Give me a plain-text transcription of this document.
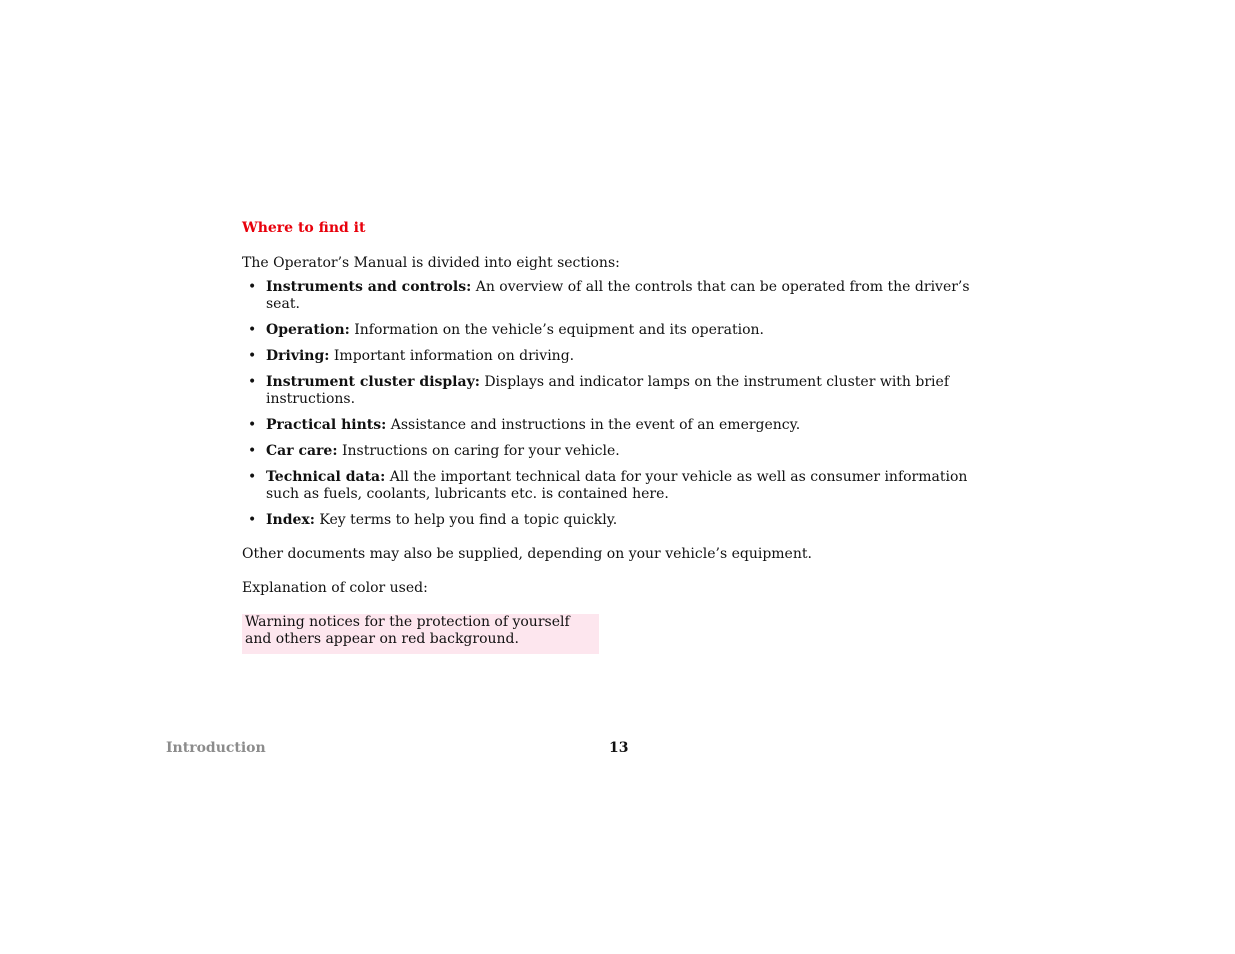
Where to find it
The Operator’s Manual is divided into eight sections:
• Instruments and controls: An overview of all the controls that can be operated from the driver’s seat.
• Operation: Information on the vehicle’s equipment and its operation.
• Driving: Important information on driving.
• Instrument cluster display: Displays and indicator lamps on the instrument cluster with brief instructions.
• Practical hints: Assistance and instructions in the event of an emergency.
• Car care: Instructions on caring for your vehicle.
• Technical data: All the important technical data for your vehicle as well as consumer information such as fuels, coolants, lubricants etc. is contained here.
• Index: Key terms to help you find a topic quickly.
Other documents may also be supplied, depending on your vehicle’s equipment.
Explanation of color used:
Warning notices for the protection of yourself and others appear on red background.
Introduction	13
